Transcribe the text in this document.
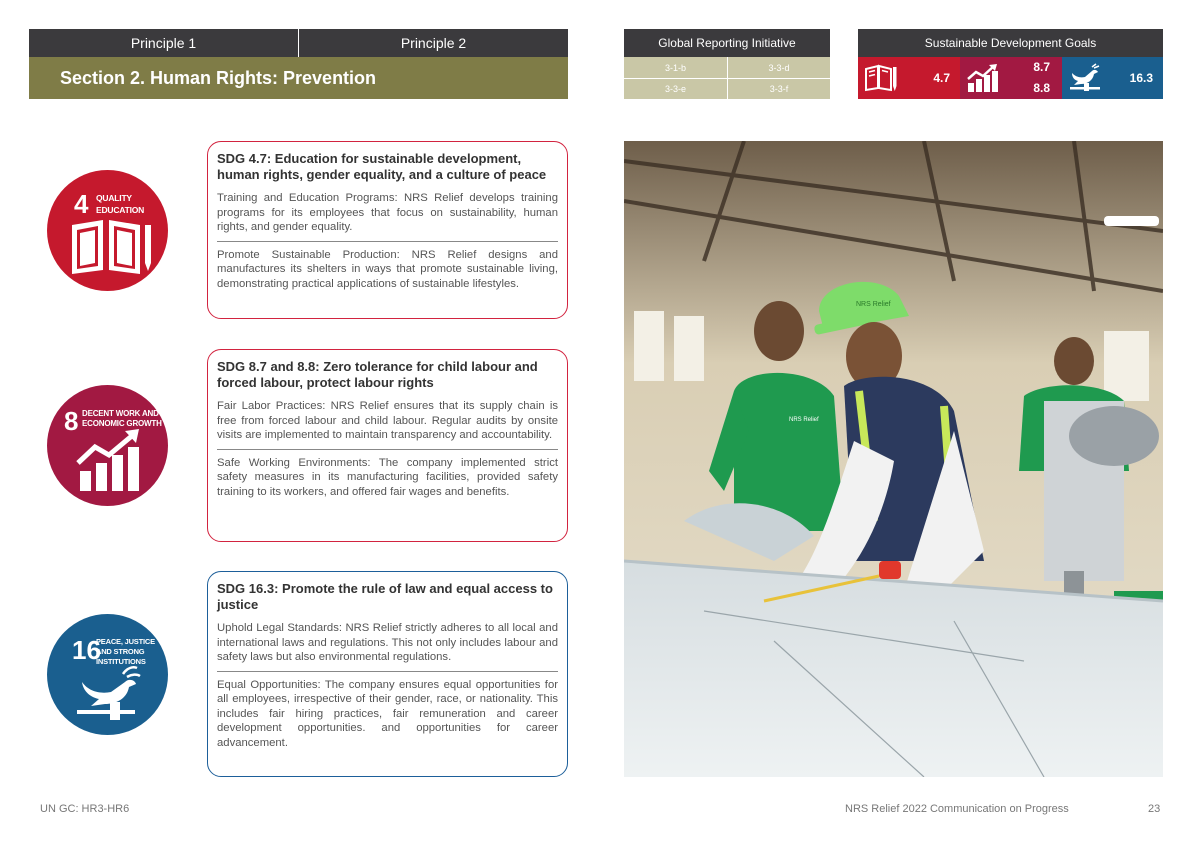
Principle 1	Principle 2
Section 2. Human Rights: Prevention
Global Reporting Initiative
3-1-b	3-3-d
3-3-e	3-3-f
Sustainable Development Goals
4.7
8.7
8.8
16.3
4 QUALITY
EDUCATION
8 DECENT WORK AND
ECONOMIC GROWTH
16
PEACE, JUSTICE
AND STRONG
INSTITUTIONS
SDG 4.7: Education for sustainable development, human rights, gender equality, and a culture of peace

Training and Education Programs: NRS Relief develops training programs for its employees that focus on sustainability, human rights, and gender equality.

Promote Sustainable Production: NRS Relief designs and manufactures its shelters in ways that promote sustainable living, demonstrating practical applications of sustainable lifestyles.

SDG 8.7 and 8.8: Zero tolerance for child labour and forced labour, protect labour rights

Fair Labor Practices: NRS Relief ensures that its supply chain is free from forced labour and child labour. Regular audits by onsite visits are implemented to maintain transparency and accountability.

Safe Working Environments: The company implemented strict safety measures in its manufacturing facilities, provided safety training to its workers, and offered fair wages and benefits.

SDG 16.3: Promote the rule of law and equal access to justice

Uphold Legal Standards: NRS Relief strictly adheres to all local and international laws and regulations. This not only includes labour and safety laws but also environmental regulations.

Equal Opportunities: The company ensures equal opportunities for all employees, irrespective of their gender, race, or nationality. This includes fair hiring practices, fair remuneration and career development opportunities. and opportunities for career advancement.

NRS Relief
NRS Relief
UN GC: HR3-HR6	NRS Relief 2022 Communication on Progress	23
